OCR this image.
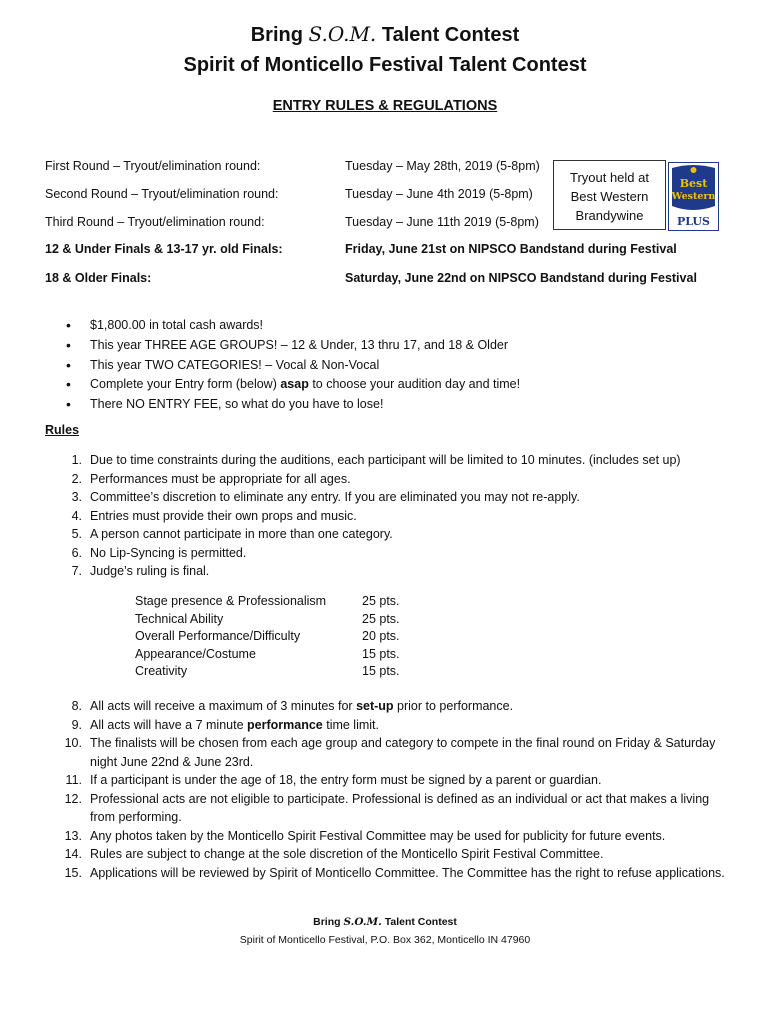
Bring S.O.M. Talent Contest
Spirit of Monticello Festival Talent Contest
ENTRY RULES & REGULATIONS
First Round – Tryout/elimination round:	Tuesday – May 28th, 2019 (5-8pm)
Second Round – Tryout/elimination round:	Tuesday – June 4th 2019 (5-8pm)
Third Round – Tryout/elimination round:	Tuesday – June 11th 2019 (5-8pm)
12 & Under Finals & 13-17 yr. old Finals:	Friday, June 21st on NIPSCO Bandstand during Festival
18 & Older Finals:	Saturday, June 22nd on NIPSCO Bandstand during Festival
Tryout held at
Best Western
Brandywine
Best
Western
PLUS
• $1,800.00 in total cash awards!
• This year THREE AGE GROUPS! – 12 & Under, 13 thru 17, and 18 & Older
• This year TWO CATEGORIES! – Vocal & Non-Vocal
• Complete your Entry form (below) asap to choose your audition day and time!
• There NO ENTRY FEE, so what do you have to lose!
Rules
1. Due to time constraints during the auditions, each participant will be limited to 10 minutes. (includes set up)
2. Performances must be appropriate for all ages.
3. Committee’s discretion to eliminate any entry. If you are eliminated you may not re-apply.
4. Entries must provide their own props and music.
5. A person cannot participate in more than one category.
6. No Lip-Syncing is permitted.
7. Judge’s ruling is final.
Stage presence & Professionalism	25 pts.
Technical Ability	25 pts.
Overall Performance/Difficulty	20 pts.
Appearance/Costume	15 pts.
Creativity	15 pts.
8. All acts will receive a maximum of 3 minutes for set-up prior to performance.
9. All acts will have a 7 minute performance time limit.
10. The finalists will be chosen from each age group and category to compete in the final round on Friday & Saturday night June 22nd & June 23rd.
11. If a participant is under the age of 18, the entry form must be signed by a parent or guardian.
12. Professional acts are not eligible to participate. Professional is defined as an individual or act that makes a living from performing.
13. Any photos taken by the Monticello Spirit Festival Committee may be used for publicity for future events.
14. Rules are subject to change at the sole discretion of the Monticello Spirit Festival Committee.
15. Applications will be reviewed by Spirit of Monticello Committee. The Committee has the right to refuse applications.
Bring S.O.M. Talent Contest
Spirit of Monticello Festival, P.O. Box 362, Monticello IN 47960
